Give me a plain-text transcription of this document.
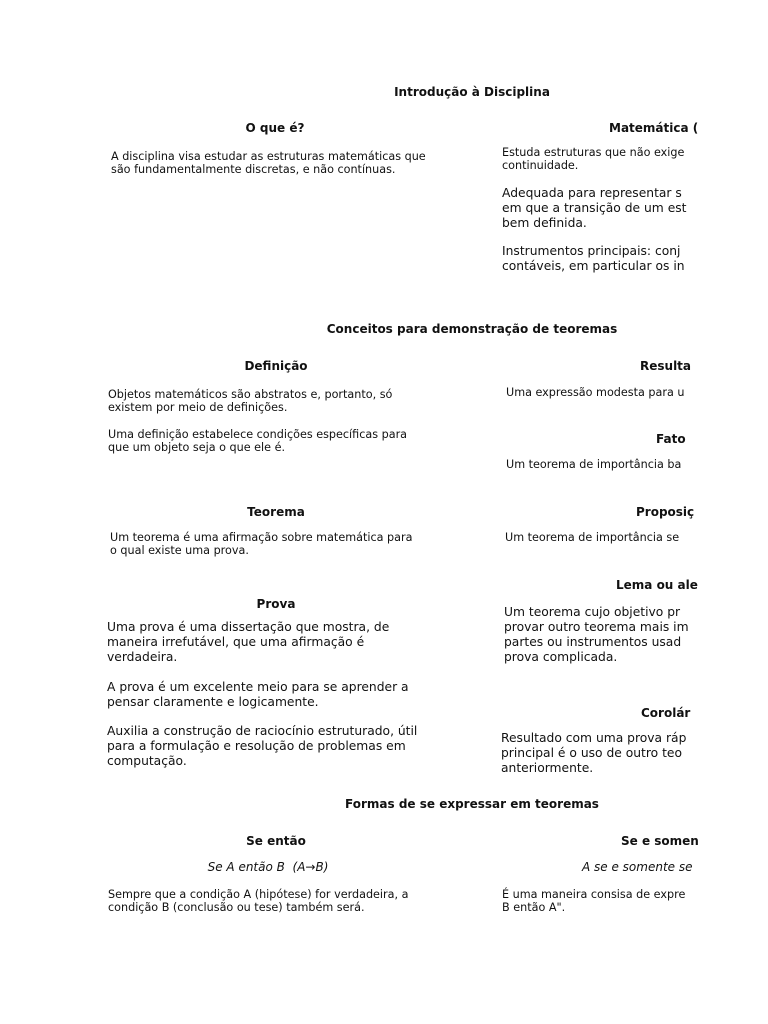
Introdução à Disciplina
O que é?
A disciplina visa estudar as estruturas matemáticas que
são fundamentalmente discretas, e não contínuas.
Matemática (
Estuda estruturas que não exige
continuidade.
Adequada para representar s
em que a transição de um est
bem definida.
Instrumentos principais: conj
contáveis, em particular os in
Conceitos para demonstração de teoremas
Definição
Objetos matemáticos são abstratos e, portanto, só
existem por meio de definições.
Uma definição estabelece condições específicas para
que um objeto seja o que ele é.
Teorema
Um teorema é uma afirmação sobre matemática para
o qual existe uma prova.
Prova
Uma prova é uma dissertação que mostra, de
maneira irrefutável, que uma afirmação é
verdadeira.
A prova é um excelente meio para se aprender a
pensar claramente e logicamente.
Auxilia a construção de raciocínio estruturado, útil
para a formulação e resolução de problemas em
computação.
Resulta
Uma expressão modesta para u
Fato
Um teorema de importância ba
Proposiç
Um teorema de importância se
Lema ou ale
Um teorema cujo objetivo pr
provar outro teorema mais im
partes ou instrumentos usad
prova complicada.
Corolár
Resultado com uma prova ráp
principal é o uso de outro teo
anteriormente.
Formas de se expressar em teoremas
Se então
Se A então B (A→B)
Sempre que a condição A (hipótese) for verdadeira, a
condição B (conclusão ou tese) também será.
Se e somen
A se e somente se
É uma maneira consisa de expre
B então A".
